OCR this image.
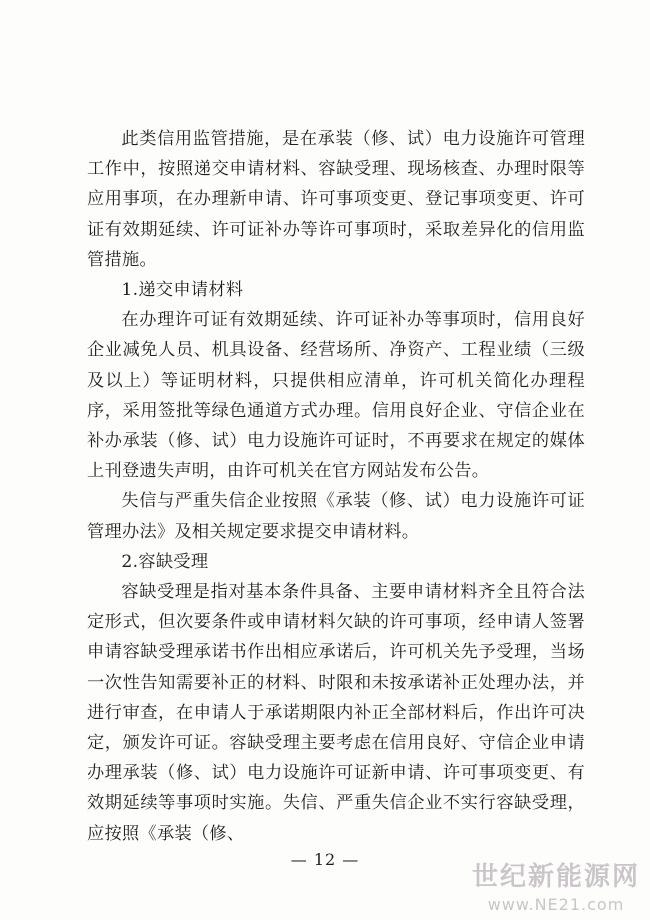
此类信用监管措施，是在承装（修、试）电力设施许可管理工作中，按照递交申请材料、容缺受理、现场核查、办理时限等应用事项，在办理新申请、许可事项变更、登记事项变更、许可证有效期延续、许可证补办等许可事项时，采取差异化的信用监管措施。

1.递交申请材料

在办理许可证有效期延续、许可证补办等事项时，信用良好企业减免人员、机具设备、经营场所、净资产、工程业绩（三级及以上）等证明材料，只提供相应清单，许可机关简化办理程序，采用签批等绿色通道方式办理。信用良好企业、守信企业在补办承装（修、试）电力设施许可证时，不再要求在规定的媒体上刊登遗失声明，由许可机关在官方网站发布公告。

失信与严重失信企业按照《承装（修、试）电力设施许可证管理办法》及相关规定要求提交申请材料。

2.容缺受理

容缺受理是指对基本条件具备、主要申请材料齐全且符合法定形式，但次要条件或申请材料欠缺的许可事项，经申请人签署申请容缺受理承诺书作出相应承诺后，许可机关先予受理，当场一次性告知需要补正的材料、时限和未按承诺补正处理办法，并进行审查，在申请人于承诺期限内补正全部材料后，作出许可决定，颁发许可证。容缺受理主要考虑在信用良好、守信企业申请办理承装（修、试）电力设施许可证新申请、许可事项变更、有效期延续等事项时实施。失信、严重失信企业不实行容缺受理，应按照《承装（修、

— 12 —
世纪新能源网
www.NE21.com
